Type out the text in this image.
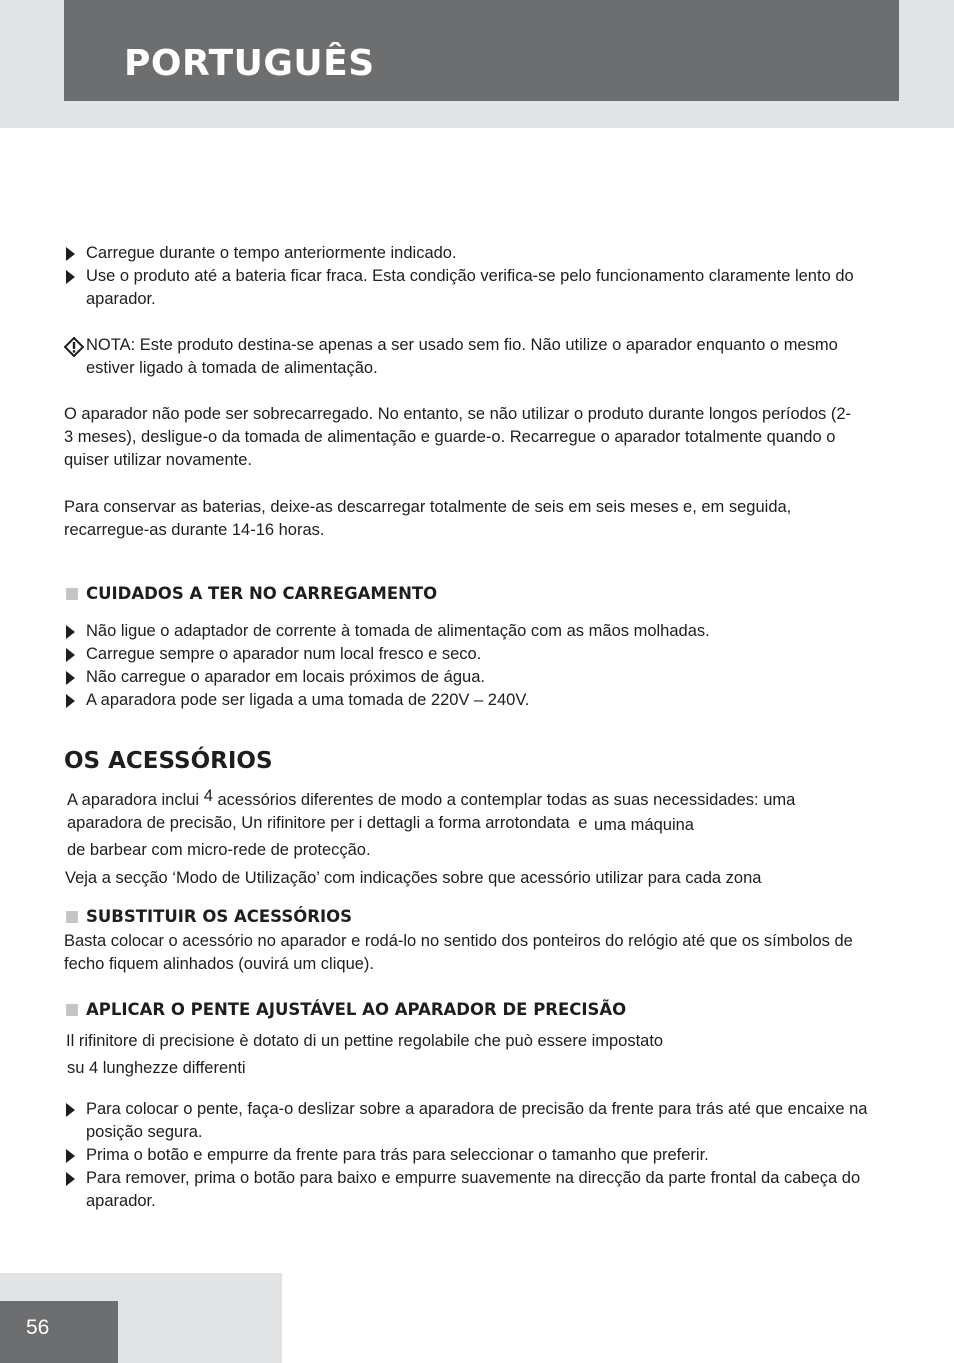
PORTUGUÊS
Carregue durante o tempo anteriormente indicado.
Use o produto até a bateria ficar fraca. Esta condição verifica-se pelo funcionamento claramente lento do aparador.
NOTA: Este produto destina-se apenas a ser usado sem fio. Não utilize o aparador enquanto o mesmo estiver ligado à tomada de alimentação.

O aparador não pode ser sobrecarregado. No entanto, se não utilizar o produto durante longos períodos (2-3 meses), desligue-o da tomada de alimentação e guarde-o. Recarregue o aparador totalmente quando o quiser utilizar novamente.

Para conservar as baterias, deixe-as descarregar totalmente de seis em seis meses e, em seguida, recarregue-as durante 14-16 horas.

CUIDADOS A TER NO CARREGAMENTO
Não ligue o adaptador de corrente à tomada de alimentação com as mãos molhadas.
Carregue sempre o aparador num local fresco e seco.
Não carregue o aparador em locais próximos de água.
A aparadora pode ser ligada a uma tomada de 220V – 240V.
OS ACESSÓRIOS
A aparadora inclui 4 acessórios diferentes de modo a contemplar todas as suas necessidades: uma
aparadora de precisão, Un rifinitore per i dettagli a forma arrotondata e uma máquina

de barbear com micro-rede de protecção.

Veja a secção ‘Modo de Utilização’ com indicações sobre que acessório utilizar para cada zona

SUBSTITUIR OS ACESSÓRIOS

Basta colocar o acessório no aparador e rodá-lo no sentido dos ponteiros do relógio até que os símbolos de fecho fiquem alinhados (ouvirá um clique).

APLICAR O PENTE AJUSTÁVEL AO APARADOR DE PRECISÃO

Il rifinitore di precisione è dotato di un pettine regolabile che può essere impostato

su 4 lunghezze differenti

Para colocar o pente, faça-o deslizar sobre a aparadora de precisão da frente para trás até que encaixe na posição segura.
Prima o botão e empurre da frente para trás para seleccionar o tamanho que preferir.
Para remover, prima o botão para baixo e empurre suavemente na direcção da parte frontal da cabeça do aparador.
56
